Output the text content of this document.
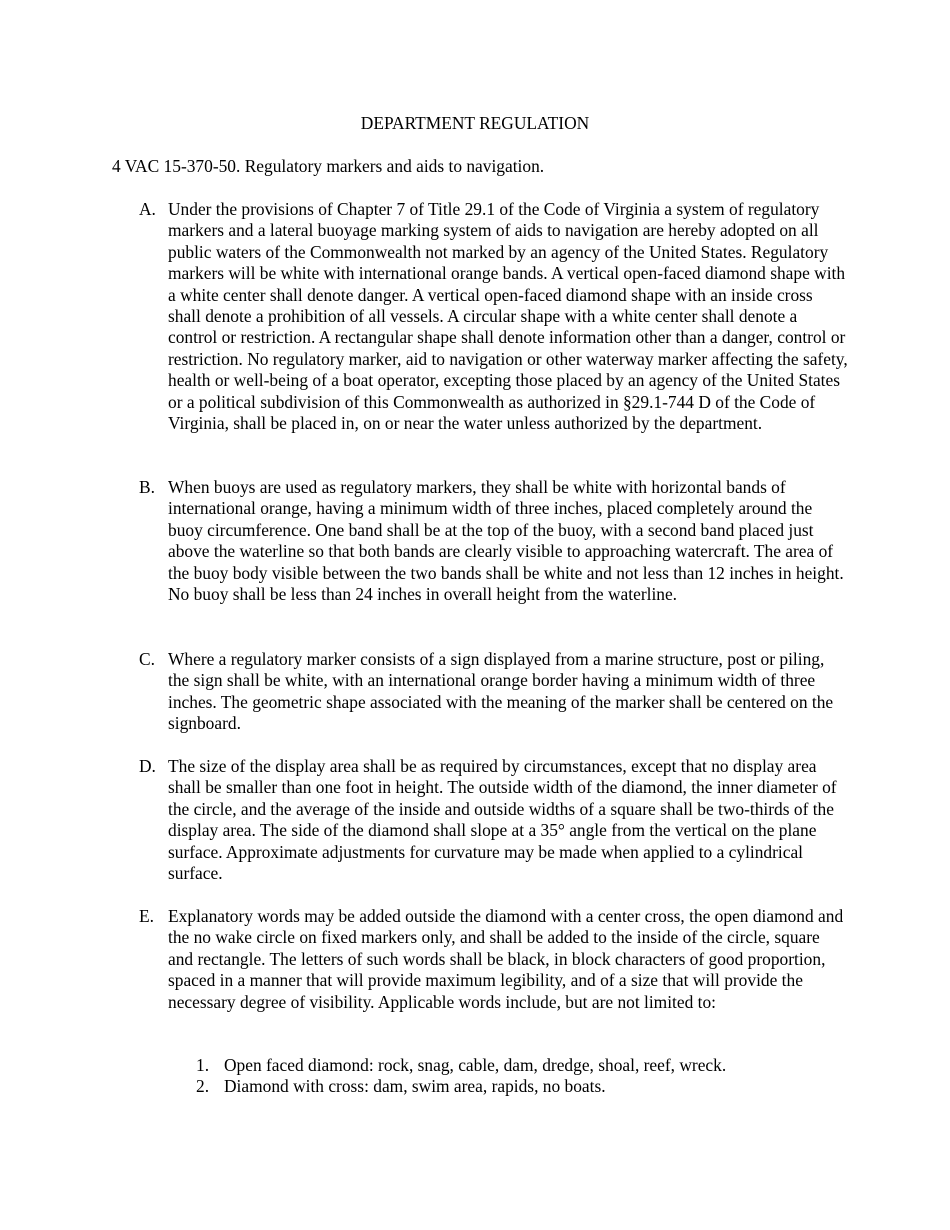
DEPARTMENT REGULATION
4 VAC 15-370-50. Regulatory markers and aids to navigation.
A. Under the provisions of Chapter 7 of Title 29.1 of the Code of Virginia a system of regulatory markers and a lateral buoyage marking system of aids to navigation are hereby adopted on all public waters of the Commonwealth not marked by an agency of the United States. Regulatory markers will be white with international orange bands. A vertical open-faced diamond shape with a white center shall denote danger. A vertical open-faced diamond shape with an inside cross shall denote a prohibition of all vessels. A circular shape with a white center shall denote a control or restriction. A rectangular shape shall denote information other than a danger, control or restriction. No regulatory marker, aid to navigation or other waterway marker affecting the safety, health or well-being of a boat operator, excepting those placed by an agency of the United States or a political subdivision of this Commonwealth as authorized in §29.1-744 D of the Code of Virginia, shall be placed in, on or near the water unless authorized by the department.

B. When buoys are used as regulatory markers, they shall be white with horizontal bands of international orange, having a minimum width of three inches, placed completely around the buoy circumference. One band shall be at the top of the buoy, with a second band placed just above the waterline so that both bands are clearly visible to approaching watercraft. The area of the buoy body visible between the two bands shall be white and not less than 12 inches in height. No buoy shall be less than 24 inches in overall height from the waterline.

C. Where a regulatory marker consists of a sign displayed from a marine structure, post or piling, the sign shall be white, with an international orange border having a minimum width of three inches. The geometric shape associated with the meaning of the marker shall be centered on the signboard.

D. The size of the display area shall be as required by circumstances, except that no display area shall be smaller than one foot in height. The outside width of the diamond, the inner diameter of the circle, and the average of the inside and outside widths of a square shall be two-thirds of the display area. The side of the diamond shall slope at a 35° angle from the vertical on the plane surface. Approximate adjustments for curvature may be made when applied to a cylindrical surface.

E. Explanatory words may be added outside the diamond with a center cross, the open diamond and the no wake circle on fixed markers only, and shall be added to the inside of the circle, square and rectangle. The letters of such words shall be black, in block characters of good proportion, spaced in a manner that will provide maximum legibility, and of a size that will provide the necessary degree of visibility. Applicable words include, but are not limited to:

1. Open faced diamond: rock, snag, cable, dam, dredge, shoal, reef, wreck.
2. Diamond with cross: dam, swim area, rapids, no boats.
